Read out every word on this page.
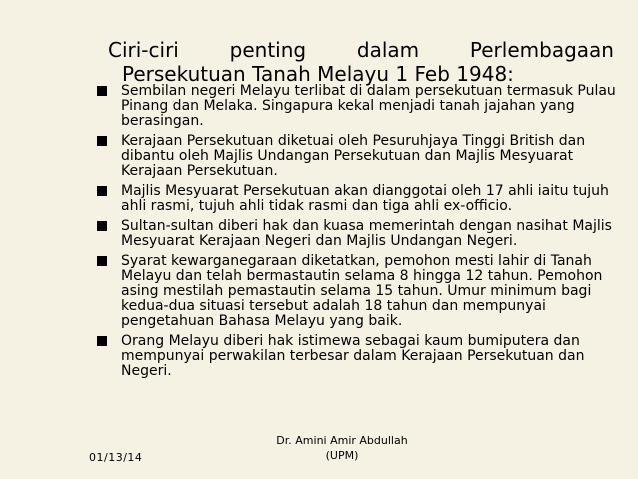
Ciri-ciri	penting	dalam	Perlembagaan
Persekutuan Tanah Melayu 1 Feb 1948:
Sembilan negeri Melayu terlibat di dalam persekutuan termasuk Pulau Pinang dan Melaka. Singapura kekal menjadi tanah jajahan yang berasingan.
Kerajaan Persekutuan diketuai oleh Pesuruhjaya Tinggi British dan dibantu oleh Majlis Undangan Persekutuan dan Majlis Mesyuarat Kerajaan Persekutuan.
Majlis Mesyuarat Persekutuan akan dianggotai oleh 17 ahli iaitu tujuh ahli rasmi, tujuh ahli tidak rasmi dan tiga ahli ex-officio.
Sultan-sultan diberi hak dan kuasa memerintah dengan nasihat Majlis Mesyuarat Kerajaan Negeri dan Majlis Undangan Negeri.
Syarat kewarganegaraan diketatkan, pemohon mesti lahir di Tanah Melayu dan telah bermastautin selama 8 hingga 12 tahun. Pemohon asing mestilah pemastautin selama 15 tahun. Umur minimum bagi kedua-dua situasi tersebut adalah 18 tahun dan mempunyai pengetahuan Bahasa Melayu yang baik.
Orang Melayu diberi hak istimewa sebagai kaum bumiputera dan mempunyai perwakilan terbesar dalam Kerajaan Persekutuan dan Negeri.
01/13/14
Dr. Amini Amir Abdullah
(UPM)
